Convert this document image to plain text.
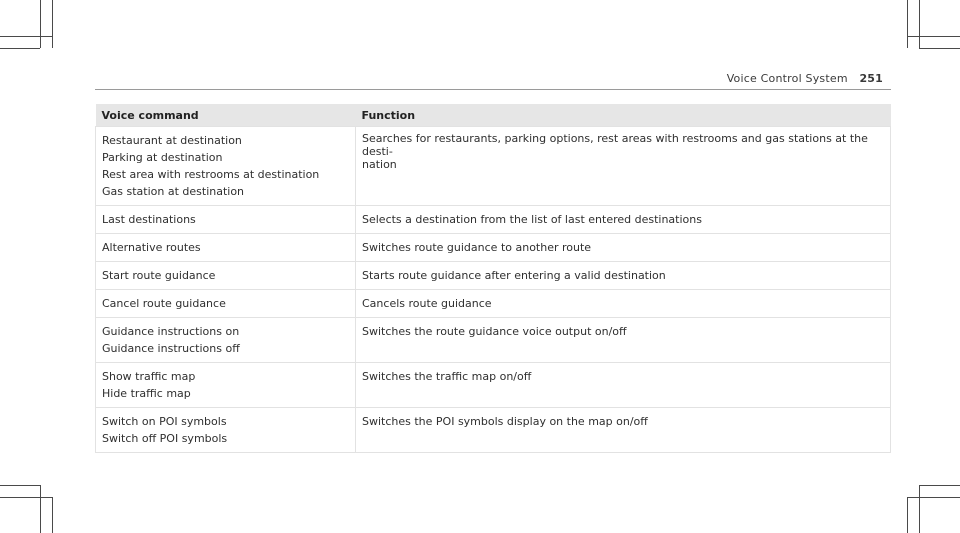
Voice Control System 251
Voice command	Function

Restaurant at destination
Parking at destination
Rest area with restrooms at destination
Gas station at destination	Searches for restaurants, parking options, rest areas with restrooms and gas stations at the desti-
nation

Last destinations	Selects a destination from the list of last entered destinations

Alternative routes	Switches route guidance to another route

Start route guidance	Starts route guidance after entering a valid destination

Cancel route guidance	Cancels route guidance

Guidance instructions on
Guidance instructions off	Switches the route guidance voice output on/off

Show traffic map
Hide traffic map	Switches the traffic map on/off

Switch on POI symbols
Switch off POI symbols	Switches the POI symbols display on the map on/off
